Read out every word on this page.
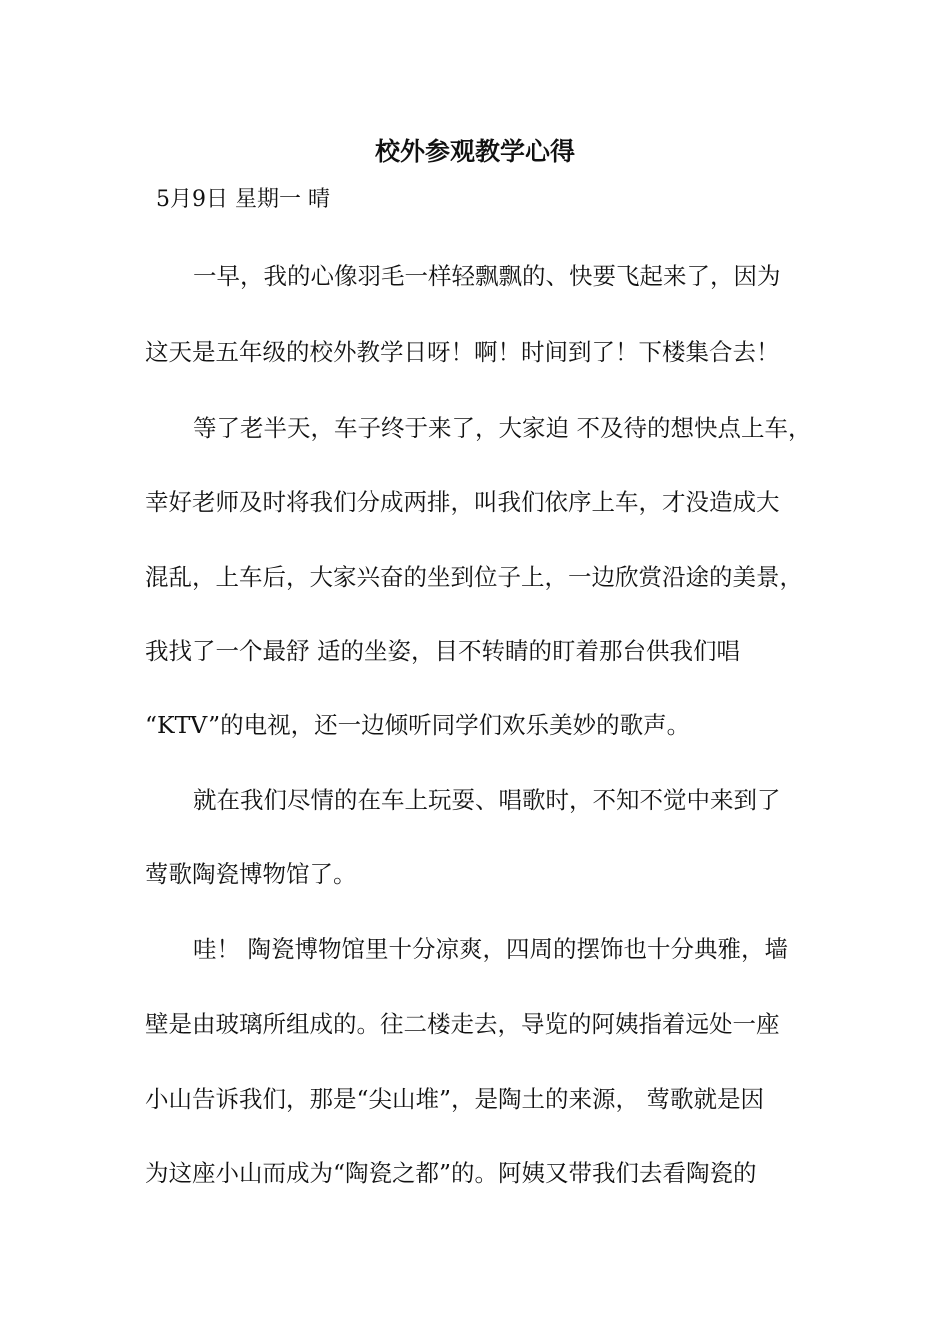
校外参观教学心得
5月9日 星期一 晴
一早，我的心像羽毛一样轻飘飘的、快要飞起来了，因为
这天是五年级的校外教学日呀！啊！时间到了！下楼集合去！
等了老半天，车子终于来了，大家迫 不及待的想快点上车，
幸好老师及时将我们分成两排，叫我们依序上车，才没造成大
混乱，上车后，大家兴奋的坐到位子上，一边欣赏沿途的美景，
我找了一个最舒 适的坐姿，目不转睛的盯着那台供我们唱
“KTV”的电视，还一边倾听同学们欢乐美妙的歌声。
就在我们尽情的在车上玩耍、唱歌时，不知不觉中来到了
莺歌陶瓷博物馆了。
哇！ 陶瓷博物馆里十分凉爽，四周的摆饰也十分典雅，墙
壁是由玻璃所组成的。往二楼走去，导览的阿姨指着远处一座
小山告诉我们，那是“尖山堆”，是陶土的来源， 莺歌就是因
为这座小山而成为“陶瓷之都”的。阿姨又带我们去看陶瓷的
